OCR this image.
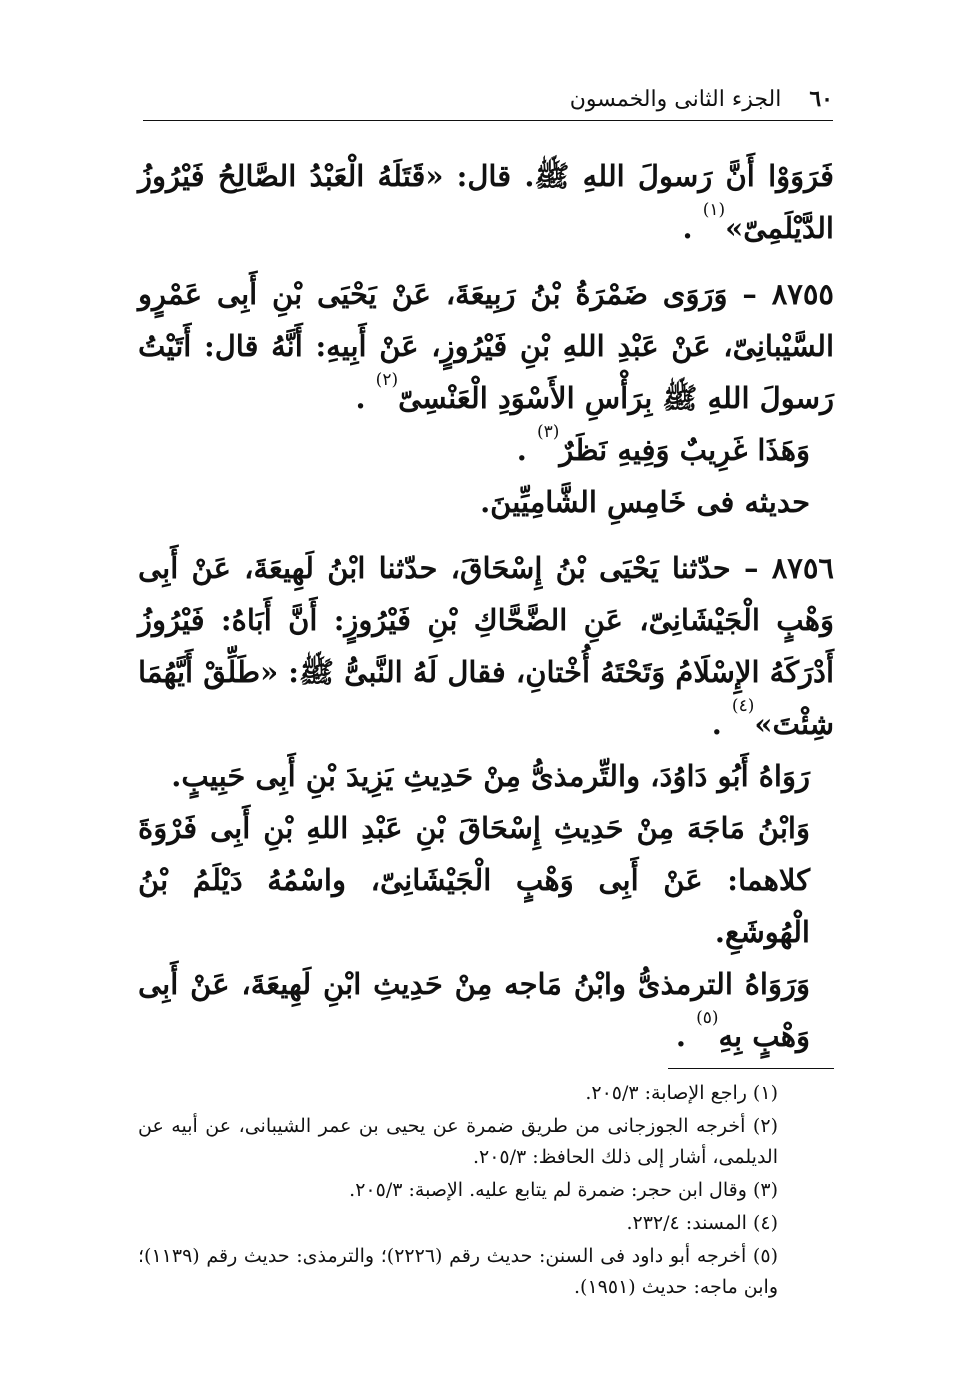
٦٠
الجزء الثانى والخمسون

فَرَوَوْا أَنَّ رَسولَ اللهِ ﷺ. قال: «قَتَلَهُ الْعَبْدُ الصَّالِحُ فَيْرُوزُ الدَّيْلَمِىّ»$^{(١)}$ .

٨٧٥٥ – وَرَوَى ضَمْرَةُ بْنُ رَبِيعَةَ، عَنْ يَحْيَى بْنِ أَبِى عَمْرٍو السَّيْبانِىّ، عَنْ عَبْدِ اللهِ بْنِ فَيْرُوزٍ، عَنْ أَبِيهِ: أَنَّهُ قال: أَتَيْتُ رَسولَ اللهِ ﷺ بِرَأْسِ الأَسْوَدِ الْعَنْسِىّ$^{(٢)}$ .

وَهَذَا غَرِيبٌ وَفِيهِ نَظَرٌ$^{(٣)}$ .

حديثه فى خَامِسِ الشَّامِيِّينَ.

٨٧٥٦ – حدّثنا يَحْيَى بْنُ إِسْحَاقَ، حدّثنا ابْنُ لَهِيعَةَ، عَنْ أَبِى وَهْبٍ الْجَيْشَانِىّ، عَنِ الضَّحَّاكِ بْنِ فَيْرُوزٍ: أَنَّ أَبَاهُ: فَيْرُوزُ أَدْرَكَهُ الإِسْلَامُ وَتَحْتَهُ أُخْتانِ، فقال لَهُ النَّبىُّ ﷺ: «طَلِّقْ أَيَّهُمَا شِئْتَ»$^{(٤)}$ .

رَوَاهُ أَبُو دَاوُدَ، والتِّرمذىُّ مِنْ حَدِيثِ يَزِيدَ بْنِ أَبِى حَبِيبٍ.

وَابْنُ مَاجَهَ مِنْ حَدِيثِ إِسْحَاقَ بْنِ عَبْدِ اللهِ بْنِ أَبِى فَرْوَةَ كلاهما: عَنْ أَبِى وَهْبٍ الْجَيْشَانِىّ، واسْمُهُ دَيْلَمُ بْنُ الْهُوشَعِ.

وَرَوَاهُ الترمذىُّ وابْنُ مَاجه مِنْ حَدِيثِ ابْنِ لَهِيعَةَ، عَنْ أَبِى وَهْبٍ بِهِ$^{(٥)}$ .

(١) راجع الإصابة: ٢٠٥/٣.

(٢) أخرجه الجوزجانى من طريق ضمرة عن يحيى بن عمر الشيبانى، عن أبيه عن الديلمى، أشار إلى ذلك الحافظ: ٢٠٥/٣.

(٣) وقال ابن حجر: ضمرة لم يتابع عليه. الإصبة: ٢٠٥/٣.

(٤) المسند: ٢٣٢/٤.

(٥) أخرجه أبو داود فى السنن: حديث رقم (٢٢٢٦)؛ والترمذى: حديث رقم (١١٣٩)؛ وابن ماجه: حديث (١٩٥١).
